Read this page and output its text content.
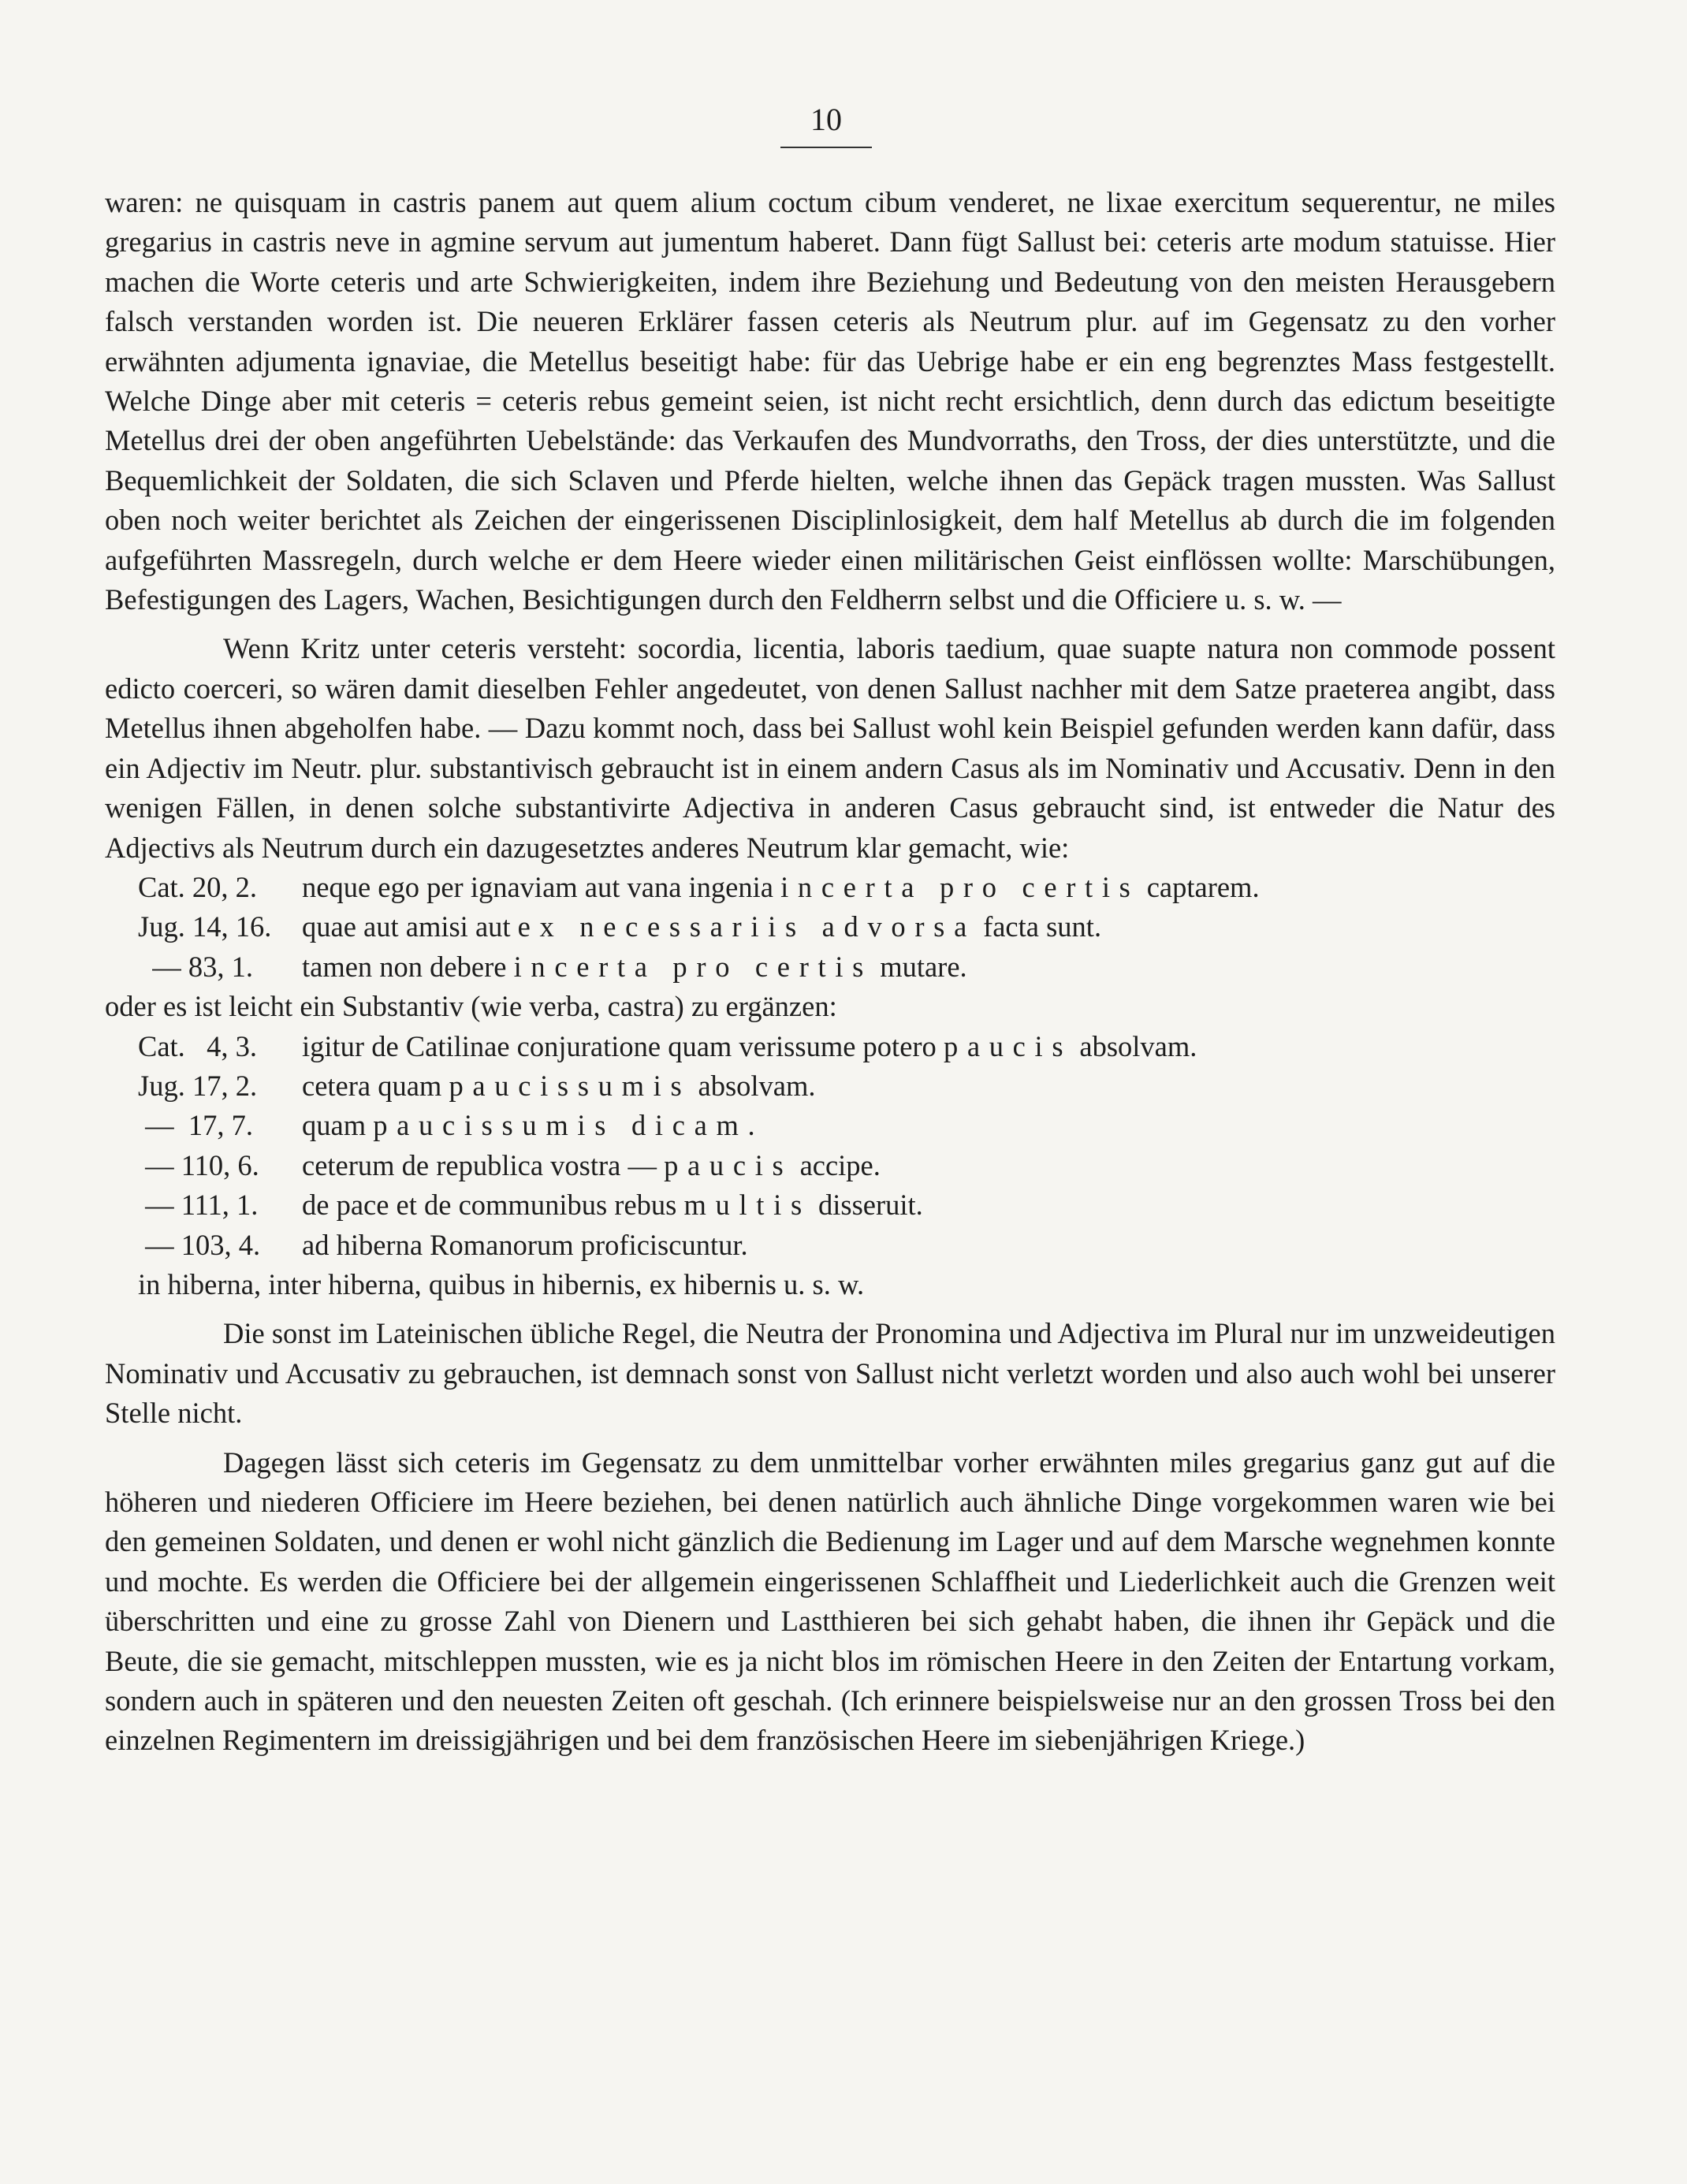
10
waren: ne quisquam in castris panem aut quem alium coctum cibum venderet, ne lixae exercitum sequerentur, ne miles gregarius in castris neve in agmine servum aut jumentum haberet. Dann fügt Sallust bei: ceteris arte modum statuisse. Hier machen die Worte ceteris und arte Schwierigkeiten, indem ihre Beziehung und Bedeutung von den meisten Herausgebern falsch verstanden worden ist. Die neueren Erklärer fassen ceteris als Neutrum plur. auf im Gegensatz zu den vorher erwähnten adjumenta ignaviae, die Metellus beseitigt habe: für das Uebrige habe er ein eng begrenztes Mass festgestellt. Welche Dinge aber mit ceteris = ceteris rebus gemeint seien, ist nicht recht ersichtlich, denn durch das edictum beseitigte Metellus drei der oben angeführten Uebelstände: das Verkaufen des Mundvorraths, den Tross, der dies unterstützte, und die Bequemlichkeit der Soldaten, die sich Sclaven und Pferde hielten, welche ihnen das Gepäck tragen mussten. Was Sallust oben noch weiter berichtet als Zeichen der eingerissenen Disciplinlosigkeit, dem half Metellus ab durch die im folgenden aufgeführten Massregeln, durch welche er dem Heere wieder einen militärischen Geist einflössen wollte: Marschübungen, Befestigungen des Lagers, Wachen, Besichtigungen durch den Feldherrn selbst und die Officiere u. s. w. —
Wenn Kritz unter ceteris versteht: socordia, licentia, laboris taedium, quae suapte natura non commode possent edicto coerceri, so wären damit dieselben Fehler angedeutet, von denen Sallust nachher mit dem Satze praeterea angibt, dass Metellus ihnen abgeholfen habe. — Dazu kommt noch, dass bei Sallust wohl kein Beispiel gefunden werden kann dafür, dass ein Adjectiv im Neutr. plur. substantivisch gebraucht ist in einem andern Casus als im Nominativ und Accusativ. Denn in den wenigen Fällen, in denen solche substantivirte Adjectiva in anderen Casus gebraucht sind, ist entweder die Natur des Adjectivs als Neutrum durch ein dazugesetztes anderes Neutrum klar gemacht, wie:
Cat. 20, 2.	neque ego per ignaviam aut vana ingenia incerta pro certis captarem.
Jug. 14, 16.	quae aut amisi aut ex necessariis advorsa facta sunt.
— 83, 1.	tamen non debere incerta pro certis mutare.
oder es ist leicht ein Substantiv (wie verba, castra) zu ergänzen:
Cat.   4, 3.	igitur de Catilinae conjuratione quam verissume potero paucis absolvam.
Jug. 17, 2.	cetera quam paucissumis absolvam.
—  17, 7.	quam paucissumis dicam.
— 110, 6.	ceterum de republica vostra — paucis accipe.
— 111, 1.	de pace et de communibus rebus multis disseruit.
— 103, 4.	ad hiberna Romanorum proficiscuntur.
in hiberna, inter hiberna, quibus in hibernis, ex hibernis u. s. w.
Die sonst im Lateinischen übliche Regel, die Neutra der Pronomina und Adjectiva im Plural nur im unzweideutigen Nominativ und Accusativ zu gebrauchen, ist demnach sonst von Sallust nicht verletzt worden und also auch wohl bei unserer Stelle nicht.
Dagegen lässt sich ceteris im Gegensatz zu dem unmittelbar vorher erwähnten miles gregarius ganz gut auf die höheren und niederen Officiere im Heere beziehen, bei denen natürlich auch ähnliche Dinge vorgekommen waren wie bei den gemeinen Soldaten, und denen er wohl nicht gänzlich die Bedienung im Lager und auf dem Marsche wegnehmen konnte und mochte. Es werden die Officiere bei der allgemein eingerissenen Schlaffheit und Liederlichkeit auch die Grenzen weit überschritten und eine zu grosse Zahl von Dienern und Lastthieren bei sich gehabt haben, die ihnen ihr Gepäck und die Beute, die sie gemacht, mitschleppen mussten, wie es ja nicht blos im römischen Heere in den Zeiten der Entartung vorkam, sondern auch in späteren und den neuesten Zeiten oft geschah. (Ich erinnere beispielsweise nur an den grossen Tross bei den einzelnen Regimentern im dreissigjährigen und bei dem französischen Heere im siebenjährigen Kriege.)
